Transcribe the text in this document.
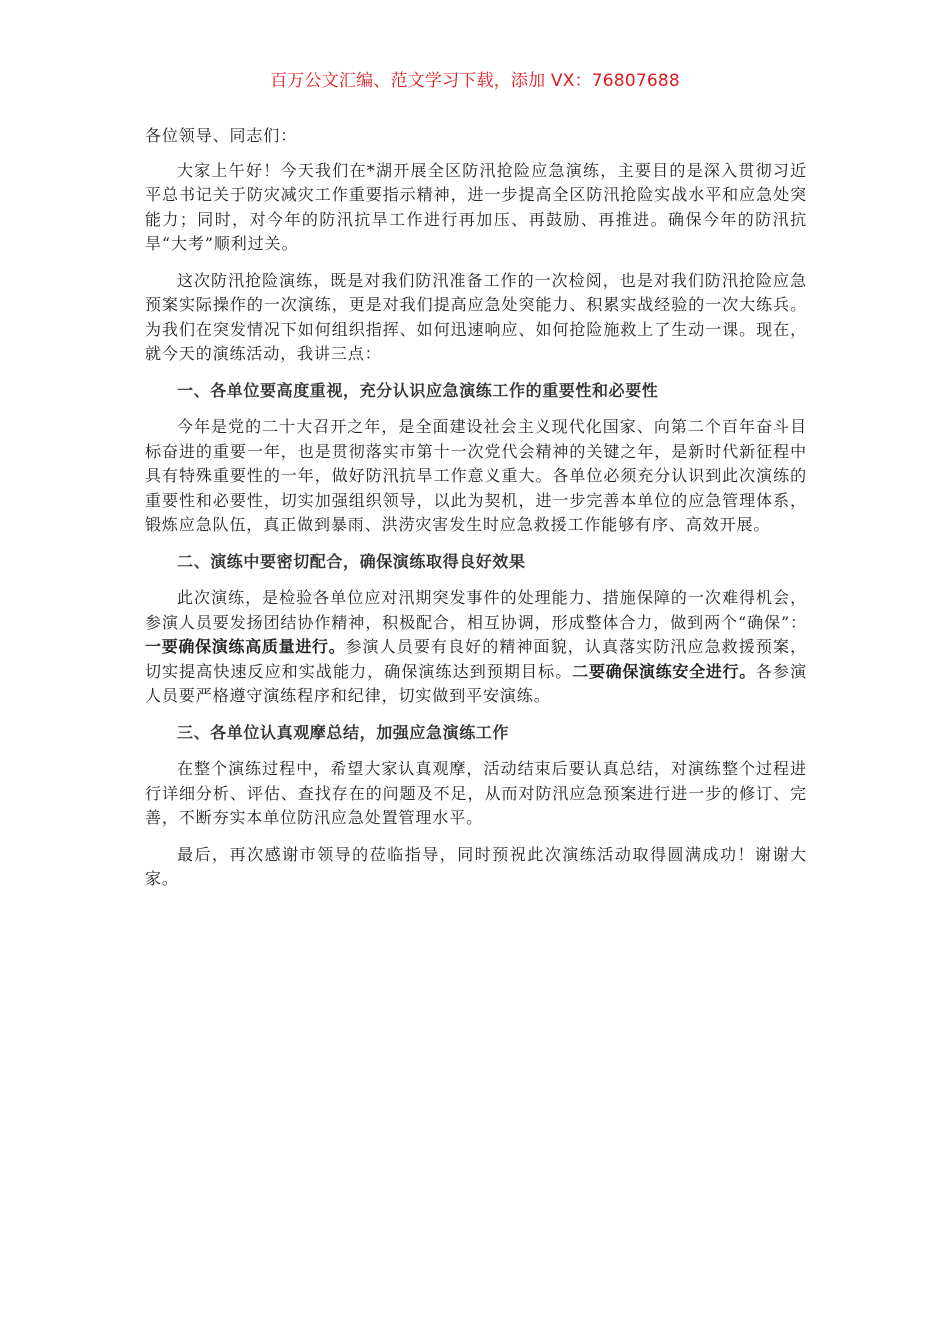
百万公文汇编、范文学习下载，添加 VX：76807688

各位领导、同志们：

大家上午好！今天我们在*湖开展全区防汛抢险应急演练，主要目的是深入贯彻习近平总书记关于防灾减灾工作重要指示精神，进一步提高全区防汛抢险实战水平和应急处突能力；同时，对今年的防汛抗旱工作进行再加压、再鼓励、再推进。确保今年的防汛抗旱“大考”顺利过关。

这次防汛抢险演练，既是对我们防汛准备工作的一次检阅，也是对我们防汛抢险应急预案实际操作的一次演练，更是对我们提高应急处突能力、积累实战经验的一次大练兵。为我们在突发情况下如何组织指挥、如何迅速响应、如何抢险施救上了生动一课。现在，就今天的演练活动，我讲三点：

一、各单位要高度重视，充分认识应急演练工作的重要性和必要性

今年是党的二十大召开之年，是全面建设社会主义现代化国家、向第二个百年奋斗目标奋进的重要一年，也是贯彻落实市第十一次党代会精神的关键之年，是新时代新征程中具有特殊重要性的一年，做好防汛抗旱工作意义重大。各单位必须充分认识到此次演练的重要性和必要性，切实加强组织领导，以此为契机，进一步完善本单位的应急管理体系，锻炼应急队伍，真正做到暴雨、洪涝灾害发生时应急救援工作能够有序、高效开展。

二、演练中要密切配合，确保演练取得良好效果

此次演练，是检验各单位应对汛期突发事件的处理能力、措施保障的一次难得机会，参演人员要发扬团结协作精神，积极配合，相互协调，形成整体合力，做到两个“确保”：一要确保演练高质量进行。参演人员要有良好的精神面貌，认真落实防汛应急救援预案，切实提高快速反应和实战能力，确保演练达到预期目标。二要确保演练安全进行。各参演人员要严格遵守演练程序和纪律，切实做到平安演练。

三、各单位认真观摩总结，加强应急演练工作

在整个演练过程中，希望大家认真观摩，活动结束后要认真总结，对演练整个过程进行详细分析、评估、查找存在的问题及不足，从而对防汛应急预案进行进一步的修订、完善，不断夯实本单位防汛应急处置管理水平。

最后，再次感谢市领导的莅临指导，同时预祝此次演练活动取得圆满成功！谢谢大家。
